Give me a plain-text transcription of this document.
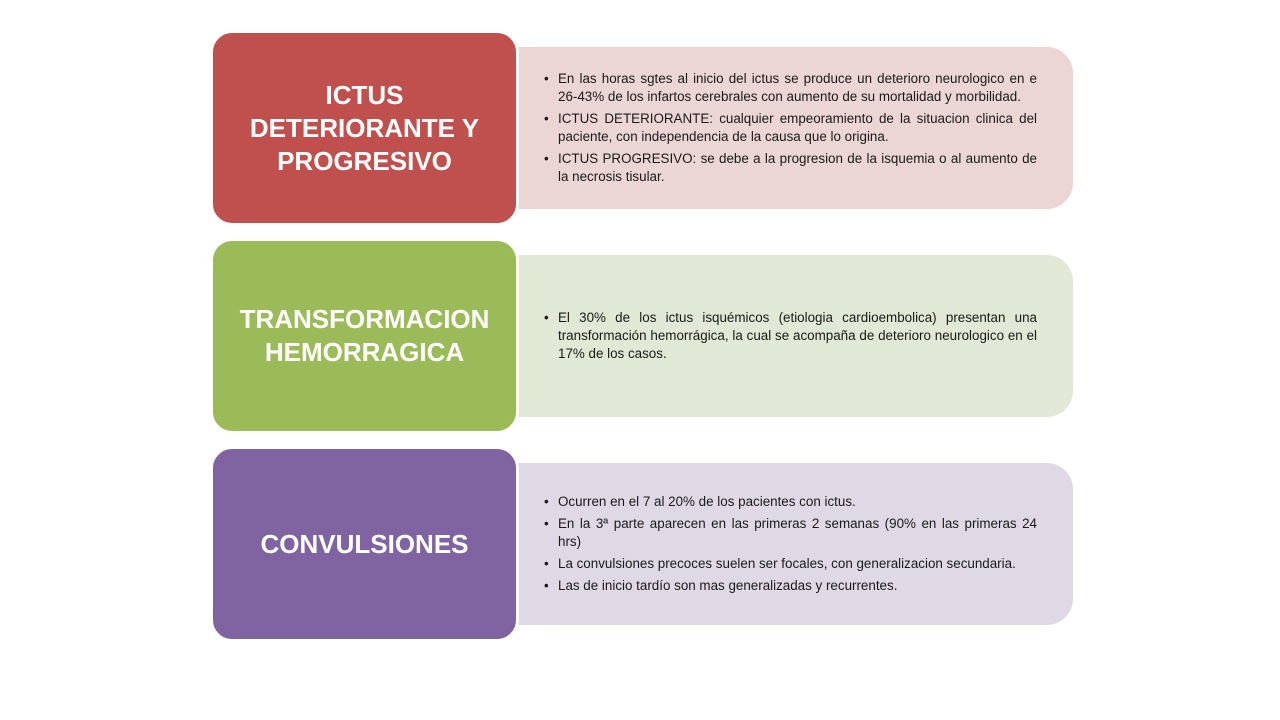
• En las horas sgtes al inicio del ictus se produce un deterioro neurologico en e 26-43% de los infartos cerebrales con aumento de su mortalidad y morbilidad.
• ICTUS DETERIORANTE: cualquier empeoramiento de la situacion clinica del paciente, con independencia de la causa que lo origina.
• ICTUS PROGRESIVO: se debe a la progresion de la isquemia o al aumento de la necrosis tisular.
ICTUS DETERIORANTE Y PROGRESIVO
• El 30% de los ictus isquémicos (etiologia cardioembolica) presentan una transformación hemorrágica, la cual se acompaña de deterioro neurologico en el 17% de los casos.
TRANSFORMACION HEMORRAGICA
• Ocurren en el 7 al 20% de los pacientes con ictus.
• En la 3ª parte aparecen en las primeras 2 semanas (90% en las primeras 24 hrs)
• La convulsiones precoces suelen ser focales, con generalizacion secundaria.
• Las de inicio tardío son mas generalizadas y recurrentes.
CONVULSIONES
